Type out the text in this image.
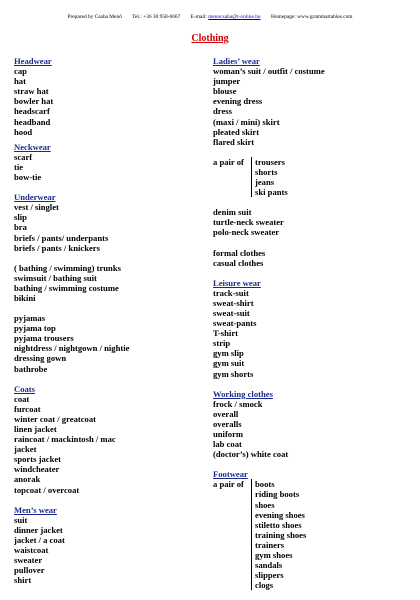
Prepared by Csaba Menő Tel.: +36 30 958-6667 E-mail: menocsaba@t-online.hu Homepage: www.grammartables.com
Clothing
Headwear
cap
hat
straw hat
bowler hat
headscarf
headband
hood
Neckwear
scarf
tie
bow-tie
Underwear
vest / singlet
slip
bra
briefs / pants/ underpants
briefs / pants / knickers
( bathing / swimming) trunks
swimsuit / bathing suit
bathing / swimming costume
bikini
pyjamas
pyjama top
pyjama trousers
nightdress / nightgown / nightie
dressing gown
bathrobe
Coats
coat
furcoat
winter coat / greatcoat
linen jacket
raincoat / mackintosh / mac
jacket
sports jacket
windcheater
anorak
topcoat / overcoat
Men’s wear
suit
dinner jacket
jacket / a coat
waistcoat
sweater
pullover
shirt
Ladies’ wear
woman’s suit / outfit / costume
jumper
blouse
evening dress
dress
(maxi / mini) skirt
pleated skirt
flared skirt
a pair of	trousers
shorts
jeans
ski pants
denim suit
turtle-neck sweater
polo-neck sweater
formal clothes
casual clothes
Leisure wear
track-suit
sweat-shirt
sweat-suit
sweat-pants
T-shirt
strip
gym slip
gym suit
gym shorts
Working clothes
frock / smock
overall
overalls
uniform
lab coat
(doctor’s) white coat
Footwear
a pair of	boots
riding boots
shoes
evening shoes
stiletto shoes
training shoes
trainers
gym shoes
sandals
slippers
clogs
